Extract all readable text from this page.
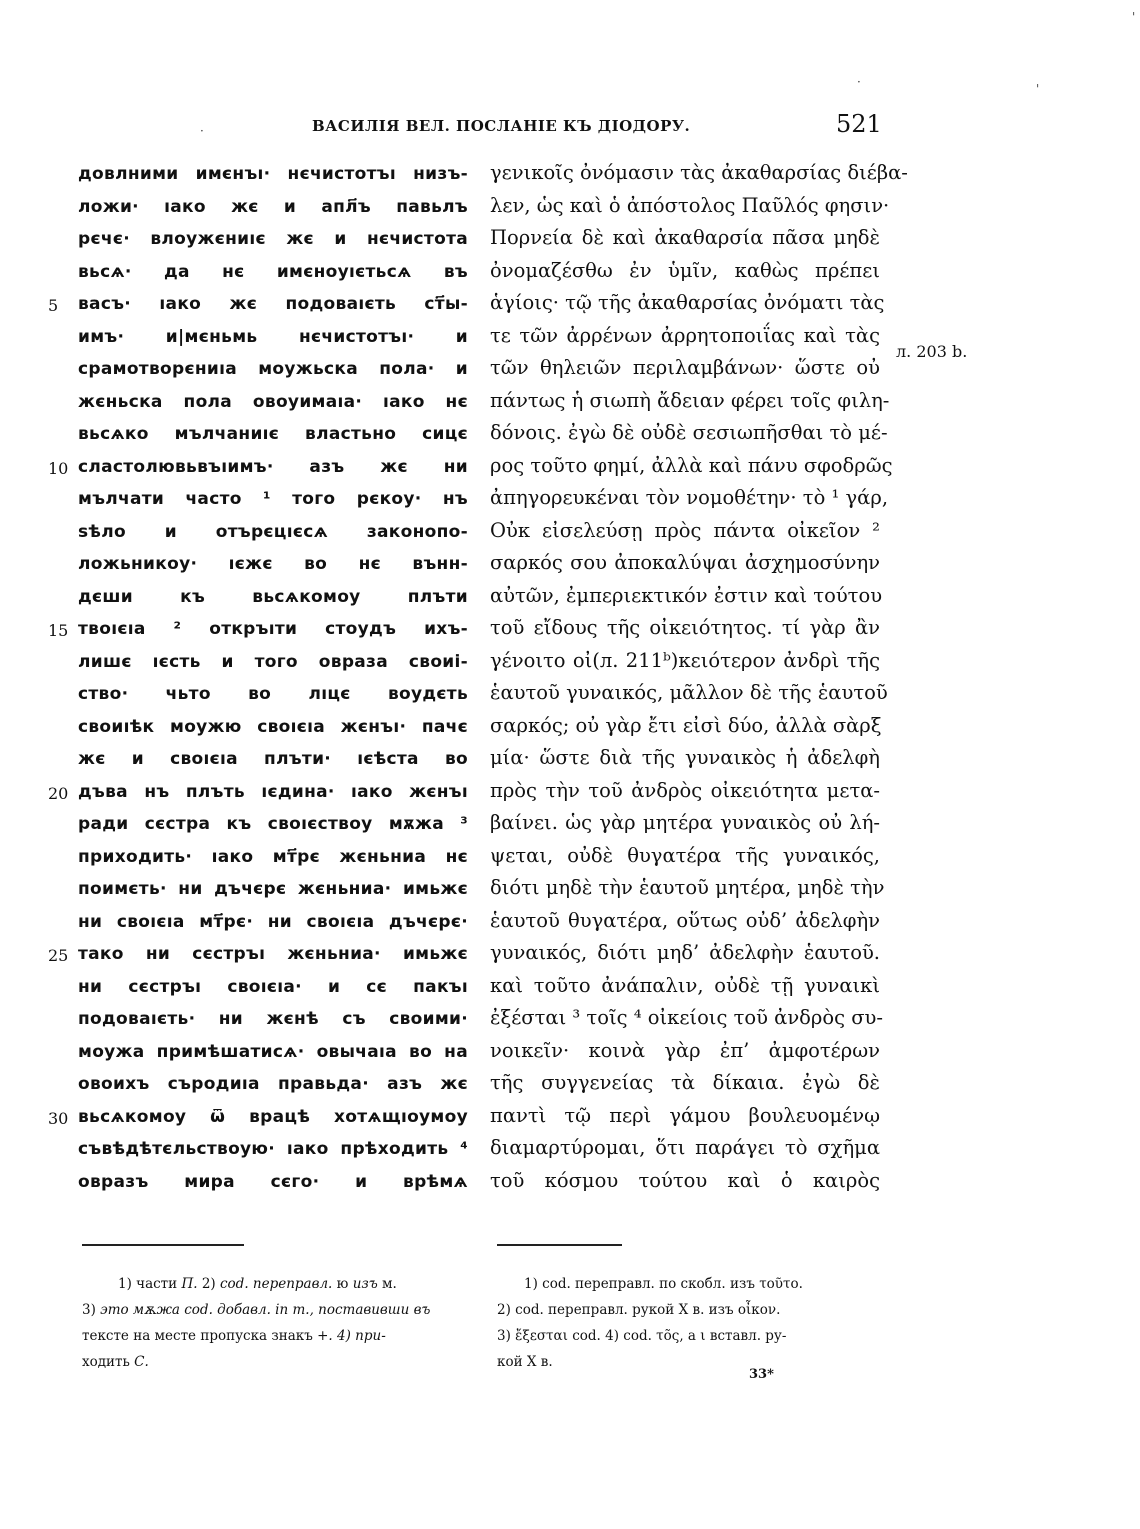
ВАСИЛІЯ ВЕЛ. ПОСЛАНІЕ КЪ ДІОДОРУ.	521
довлними имєнъı· нєчистотъı низъ-
ложи· ıако жє и апл҃ъ павьлъ
рєчє· влоужєниıє жє и нєчистота
вьсѧ· да нє имєноуıєтьсѧ въ
васъ· ıако жє подоваıєть ст҃ы-
имъ· и|мєньмь нєчистотъı· и
срамотворєниıа моужьска пола· и
жєньска пола овоуимаıа· ıако нє
вьсѧко мълчаниıє властьно сицє
сластолювьвъıимъ· азъ жє ни
мълчати часто ¹ того рєкоу· нъ
ѕѣло и отърєцıєсѧ законопо-
ложьникоу· ıєжє во нє вънн-
дєши къ вьсѧкомоу плъти
твоıєıа ² откръıти стоудъ ихъ-
лишє ıєсть и того овраза своиі-
ство· чьто во лıцє воудєть
своиıѣк моужю своıєıа жєнъı· пачє
жє и своıєıа плъти· ıєѣста во
дъва нъ плъть ıєдина· ıако жєнъı
ради сєстра къ своıєствоу мѫжа ³
прихoдить· ıако мт҃рє жєньниа нє
поимєть· ни дъчєрє жєньниа· имьжє
ни своıєıа мт҃рє· ни своıєıа дъчєрє·
тако ни сєстръı жєньниа· имьжє
ни сєстръı своıєıа· и сє пакъı
подоваıєть· ни жєнѣ съ своими·
моужа примѣшатисѧ· овычаıа во на
овоихъ сърoдиıа правьда· азъ жє
вьсѧкомоу ѿ врацѣ хотѧщıоумоу
съвѣдѣтєльствоую· ıако прѣходить ⁴
овразъ мира сєго· и врѣмѧ
5
10
15
20
25
30
γενικοῖς ὀνόμασιν τὰς ἀκαθαρσίας διέβα-
λεν, ὡς καὶ ὁ ἀπόστολος Παῦλός φησιν·
Πορνεία δὲ καὶ ἀκαθαρσία πᾶσα μηδὲ
ὀνομαζέσθω ἐν ὑμῖν, καθὼς πρέπει
ἁγίοις· τῷ τῆς ἀκαθαρσίας ὀνόματι τὰς
τε τῶν ἀρρένων ἀρρητοποιΐας καὶ τὰς
τῶν θηλειῶν περιλαμβάνων· ὥστε οὐ
πάντως ἡ σιωπὴ ἄδειαν φέρει τοῖς φιλη-
δόνοις. ἐγὼ δὲ οὐδὲ σεσιωπῆσθαι τὸ μέ-
ρος τοῦτο φημί, ἀλλὰ καὶ πάνυ σφοδρῶς
ἀπηγορευκέναι τὸν νομοθέτην· τὸ ¹ γάρ,
Οὐκ εἰσελεύσῃ πρὸς πάντα οἰκεῖον ²
σαρκός σου ἀποκαλύψαι ἀσχημοσύνην
αὐτῶν, ἐμπεριεκτικόν ἐστιν καὶ τούτου
τοῦ εἴδους τῆς οἰκειότητος. τί γὰρ ἂν
γένοιτο οἰ(л. 211ᵇ)κειότερον ἀνδρὶ τῆς
ἑαυτοῦ γυναικός, μᾶλλον δὲ τῆς ἑαυτοῦ
σαρκός; οὐ γὰρ ἔτι εἰσὶ δύο, ἀλλὰ σὰρξ
μία· ὥστε διὰ τῆς γυναικὸς ἡ ἀδελφὴ
πρὸς τὴν τοῦ ἀνδρὸς οἰκειότητα μετα-
βαίνει. ὡς γὰρ μητέρα γυναικὸς οὐ λή-
ψεται, οὐδὲ θυγατέρα τῆς γυναικός,
διότι μηδὲ τὴν ἑαυτοῦ μητέρα, μηδὲ τὴν
ἑαυτοῦ θυγατέρα, οὕτως οὐδ’ ἀδελφὴν
γυναικός, διότι μηδ’ ἀδελφὴν ἑαυτοῦ.
καὶ τοῦτο ἀνάπαλιν, οὐδὲ τῇ γυναικὶ
ἐξέσται ³ τοῖς ⁴ οἰκείοις τοῦ ἀνδρὸς συ-
νοικεῖν· κοινὰ γὰρ ἐπ’ ἀμφοτέρων
τῆς συγγενείας τὰ δίκαια. ἐγὼ δὲ
παντὶ τῷ περὶ γάμου βουλευομένῳ
διαμαρτύρομαι, ὅτι παράγει τὸ σχῆμα
τοῦ κόσμου τούτου καὶ ὁ καιρὸς
л. 203 b.
1) части П. 2) cod. переправл. ю изъ м.
3) это мѫжа cod. добавл. in m., поставивши въ
тексте на месте пропуска знакъ +. 4) при-
ходить С.
1) cod. переправл. по скобл. изъ τοῦτο.
2) cod. переправл. рукой X в. изъ οἶκον.
3) ἔξεσται cod. 4) cod. τõς, а ι вставл. ру-
кой X в.
33*
'
'
·
·
